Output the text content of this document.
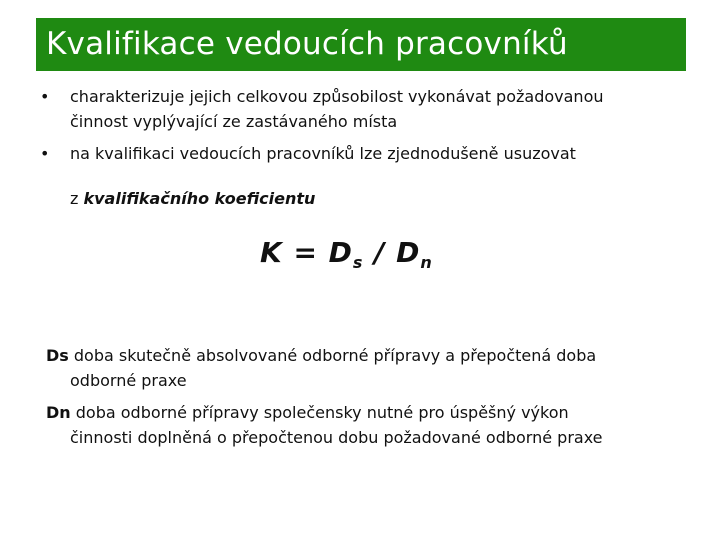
Kvalifikace vedoucích pracovníků
• charakterizuje jejich celkovou způsobilost vykonávat požadovanou
činnost vyplývající ze zastávaného místa
• na kvalifikaci vedoucích pracovníků lze zjednodušeně usuzovat
z kvalifikačního koeficientu
$K = D_s / D_n$
Ds doba skutečně absolvované odborné přípravy a přepočtená doba
odborné praxe
Dn doba odborné přípravy společensky nutné pro úspěšný výkon
činnosti doplněná o přepočtenou dobu požadované odborné praxe
